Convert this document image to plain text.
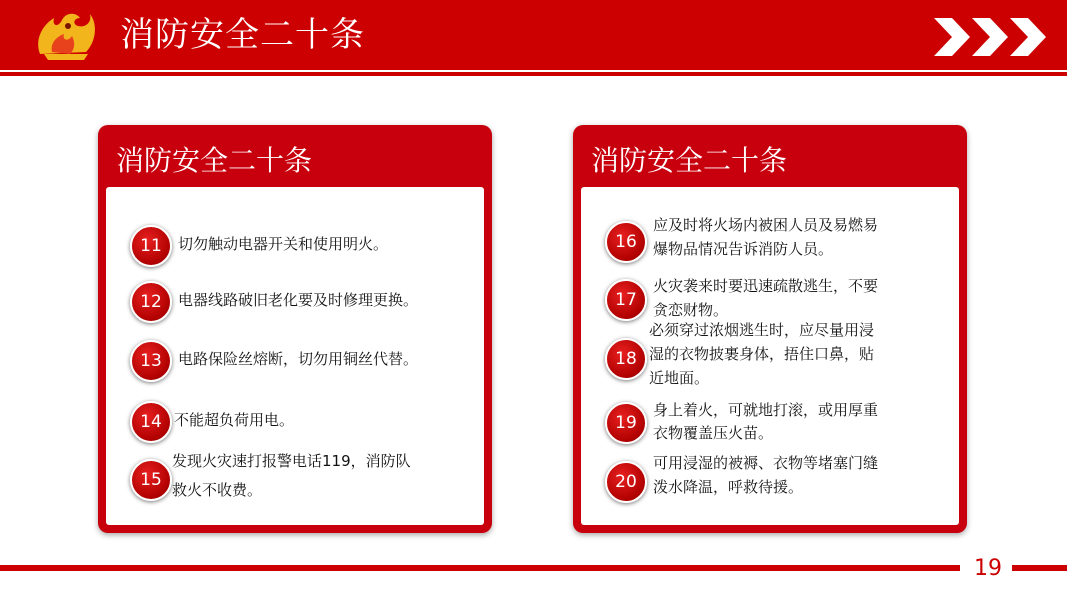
消防安全二十条
消防安全二十条
11	切勿触动电器开关和使用明火。
12	电器线路破旧老化要及时修理更换。
13	电路保险丝熔断，切勿用铜丝代替。
14 不能超负荷用电。
15
发现火灾速打报警电话119，消防队
救火不收费。
消防安全二十条
16
应及时将火场内被困人员及易燃易
爆物品情况告诉消防人员。
17
火灾袭来时要迅速疏散逃生，不要
贪恋财物。
18
必须穿过浓烟逃生时，应尽量用浸
湿的衣物披裹身体，捂住口鼻，贴
近地面。
19
身上着火，可就地打滚，或用厚重
衣物覆盖压火苗。
20
可用浸湿的被褥、衣物等堵塞门缝
泼水降温，呼救待援。
19
